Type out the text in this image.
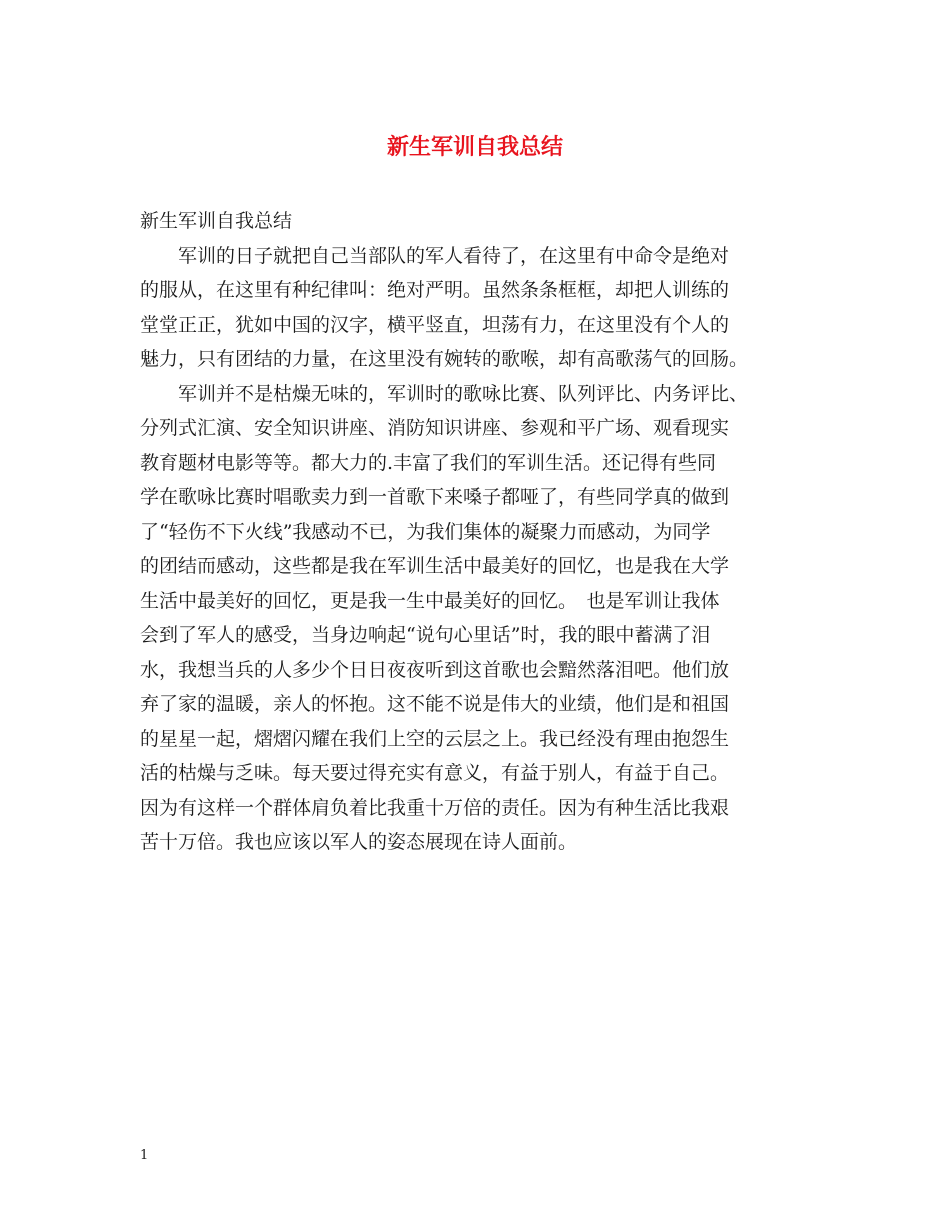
新生军训自我总结

新生军训自我总结

　　军训的日子就把自己当部队的军人看待了，在这里有中命令是绝对

的服从，在这里有种纪律叫：绝对严明。虽然条条框框，却把人训练的

堂堂正正，犹如中国的汉字，横平竖直，坦荡有力，在这里没有个人的

魅力，只有团结的力量，在这里没有婉转的歌喉，却有高歌荡气的回肠。

　　军训并不是枯燥无味的，军训时的歌咏比赛、队列评比、内务评比、

分列式汇演、安全知识讲座、消防知识讲座、参观和平广场、观看现实

教育题材电影等等。都大力的.丰富了我们的军训生活。还记得有些同

学在歌咏比赛时唱歌卖力到一首歌下来嗓子都哑了，有些同学真的做到

了“轻伤不下火线”我感动不已，为我们集体的凝聚力而感动，为同学

的团结而感动，这些都是我在军训生活中最美好的回忆，也是我在大学

生活中最美好的回忆，更是我一生中最美好的回忆。　也是军训让我体

会到了军人的感受，当身边响起“说句心里话”时，我的眼中蓄满了泪

水，我想当兵的人多少个日日夜夜听到这首歌也会黯然落泪吧。他们放

弃了家的温暖，亲人的怀抱。这不能不说是伟大的业绩，他们是和祖国

的星星一起，熠熠闪耀在我们上空的云层之上。我已经没有理由抱怨生

活的枯燥与乏味。每天要过得充实有意义，有益于别人，有益于自己。

因为有这样一个群体肩负着比我重十万倍的责任。因为有种生活比我艰

苦十万倍。我也应该以军人的姿态展现在诗人面前。

1
